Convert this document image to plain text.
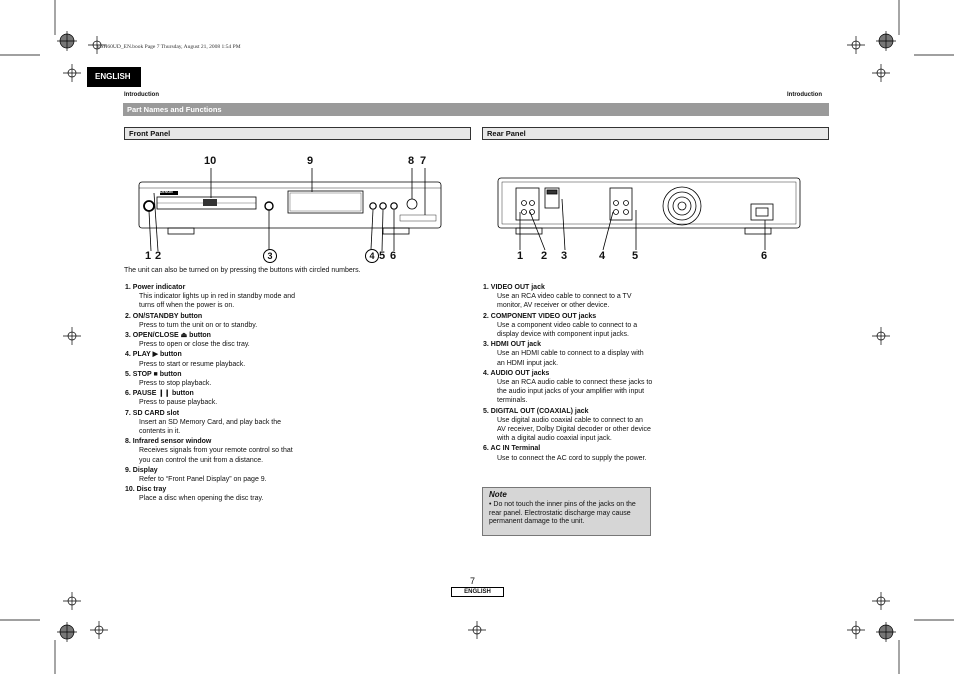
ESH60UD_EN.book Page 7 Thursday, August 21, 2008 1:54 PM
ENGLISH
Introduction	Introduction
Part Names and Functions
Front Panel
10	9	8 7
DENON
1 2	3	4 5 6
The unit can also be turned on by pressing the buttons with circled numbers.
1. Power indicator
This indicator lights up in red in standby mode and turns off when the power is on.
2. ON/STANDBY button
Press to turn the unit on or to standby.
3. OPEN/CLOSE ⏏ button
Press to open or close the disc tray.
4. PLAY ▶ button
Press to start or resume playback.
5. STOP ■ button
Press to stop playback.
6. PAUSE ❙❙ button
Press to pause playback.
7. SD CARD slot
Insert an SD Memory Card, and play back the contents in it.
8. Infrared sensor window
Receives signals from your remote control so that you can control the unit from a distance.
9. Display
Refer to “Front Panel Display” on page 9.
10. Disc tray
Place a disc when opening the disc tray.
Rear Panel
1 2 3	4 5	6
1. VIDEO OUT jack
Use an RCA video cable to connect to a TV monitor, AV receiver or other device.
2. COMPONENT VIDEO OUT jacks
Use a component video cable to connect to a display device with component input jacks.
3. HDMI OUT jack
Use an HDMI cable to connect to a display with an HDMI input jack.
4. AUDIO OUT jacks
Use an RCA audio cable to connect these jacks to the audio input jacks of your amplifier with input terminals.
5. DIGITAL OUT (COAXIAL) jack
Use digital audio coaxial cable to connect to an AV receiver, Dolby Digital decoder or other device with a digital audio coaxial input jack.
6. AC IN Terminal
Use to connect the AC cord to supply the power.
Note
• Do not touch the inner pins of the jacks on the rear panel. Electrostatic discharge may cause permanent damage to the unit.
7
ENGLISH
